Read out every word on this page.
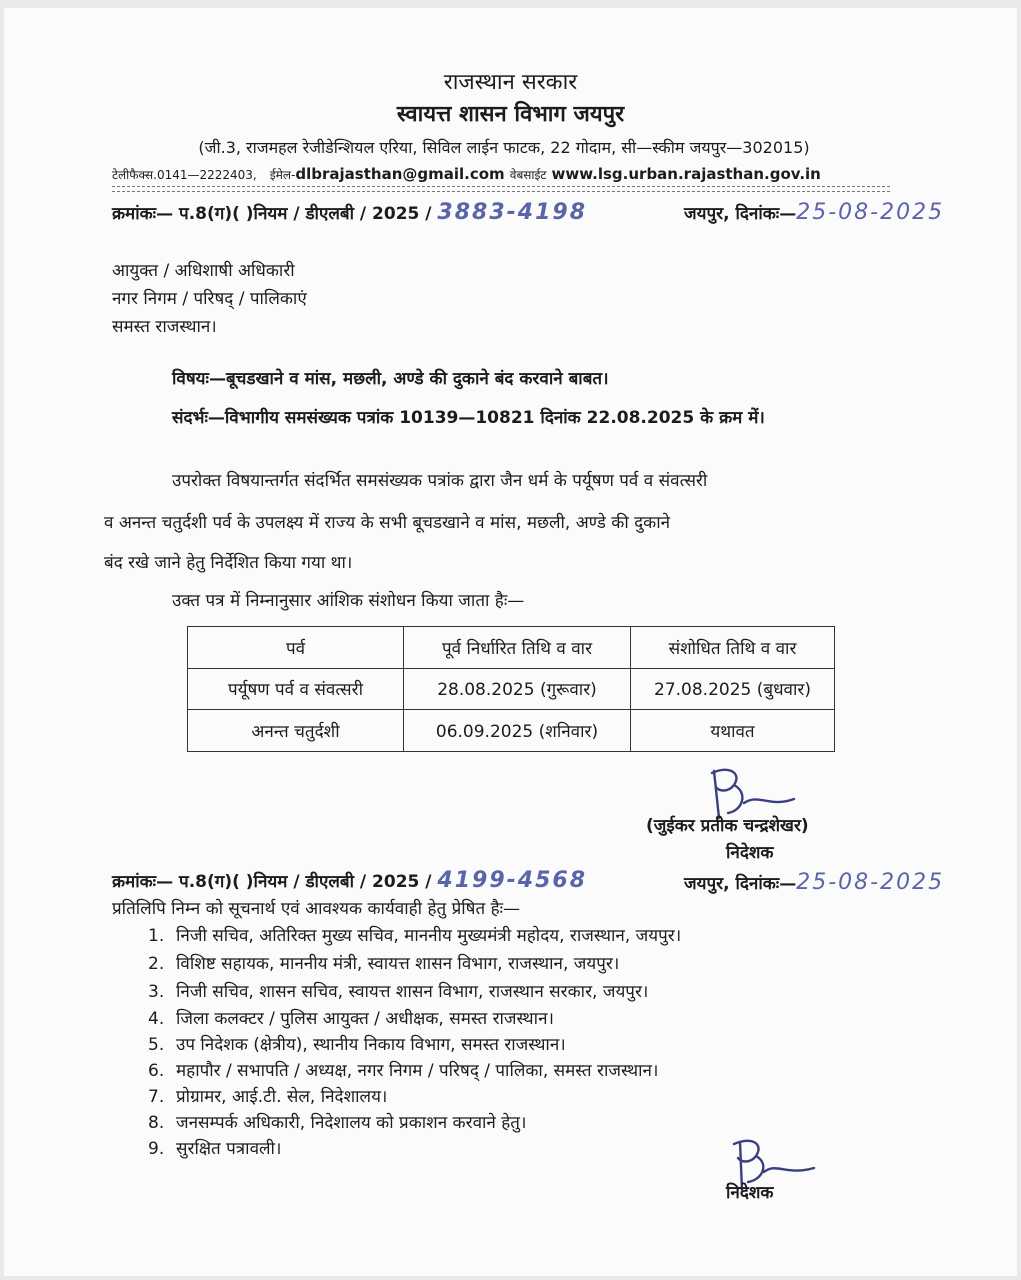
राजस्थान सरकार
स्वायत्त शासन विभाग जयपुर
(जी.3, राजमहल रेजीडेन्शियल एरिया, सिविल लाईन फाटक, 22 गोदाम, सी—स्कीम जयपुर—302015)
टेलीफैक्स.0141—2222403, ईमेल-dlbrajasthan@gmail.com वेबसाईट www.lsg.urban.rajasthan.gov.in
क्रमांकः— प.8(ग)( )नियम / डीएलबी / 2025 / 3883-4198	जयपुर, दिनांकः—25-08-2025
आयुक्त / अधिशाषी अधिकारी
नगर निगम / परिषद् / पालिकाएं
समस्त राजस्थान।
विषयः—बूचडखाने व मांस, मछली, अण्डे की दुकाने बंद करवाने बाबत।
संदर्भः—विभागीय समसंख्यक पत्रांक 10139—10821 दिनांक 22.08.2025 के क्रम में।
उपरोक्त विषयान्तर्गत संदर्भित समसंख्यक पत्रांक द्वारा जैन धर्म के पर्यूषण पर्व व संवत्सरी
व अनन्त चतुर्दशी पर्व के उपलक्ष्य में राज्य के सभी बूचडखाने व मांस, मछली, अण्डे की दुकाने
बंद रखे जाने हेतु निर्देशित किया गया था।
उक्त पत्र में निम्नानुसार आंशिक संशोधन किया जाता हैः—
पर्व	पूर्व निर्धारित तिथि व वार	संशोधित तिथि व वार
पर्यूषण पर्व व संवत्सरी	28.08.2025 (गुरूवार)	27.08.2025 (बुधवार)
अनन्त चतुर्दशी	06.09.2025 (शनिवार)	यथावत
(जुईकर प्रतीक चन्द्रशेखर)
निदेशक
क्रमांकः— प.8(ग)( )नियम / डीएलबी / 2025 / 4199-4568	जयपुर, दिनांकः—25-08-2025
प्रतिलिपि निम्न को सूचनार्थ एवं आवश्यक कार्यवाही हेतु प्रेषित हैः—
1. निजी सचिव, अतिरिक्त मुख्य सचिव, माननीय मुख्यमंत्री महोदय, राजस्थान, जयपुर।
2. विशिष्ट सहायक, माननीय मंत्री, स्वायत्त शासन विभाग, राजस्थान, जयपुर।
3. निजी सचिव, शासन सचिव, स्वायत्त शासन विभाग, राजस्थान सरकार, जयपुर।
4. जिला कलक्टर / पुलिस आयुक्त / अधीक्षक, समस्त राजस्थान।
5. उप निदेशक (क्षेत्रीय), स्थानीय निकाय विभाग, समस्त राजस्थान।
6. महापौर / सभापति / अध्यक्ष, नगर निगम / परिषद् / पालिका, समस्त राजस्थान।
7. प्रोग्रामर, आई.टी. सेल, निदेशालय।
8. जनसम्पर्क अधिकारी, निदेशालय को प्रकाशन करवाने हेतु।
9. सुरक्षित पत्रावली।
निदेशक
